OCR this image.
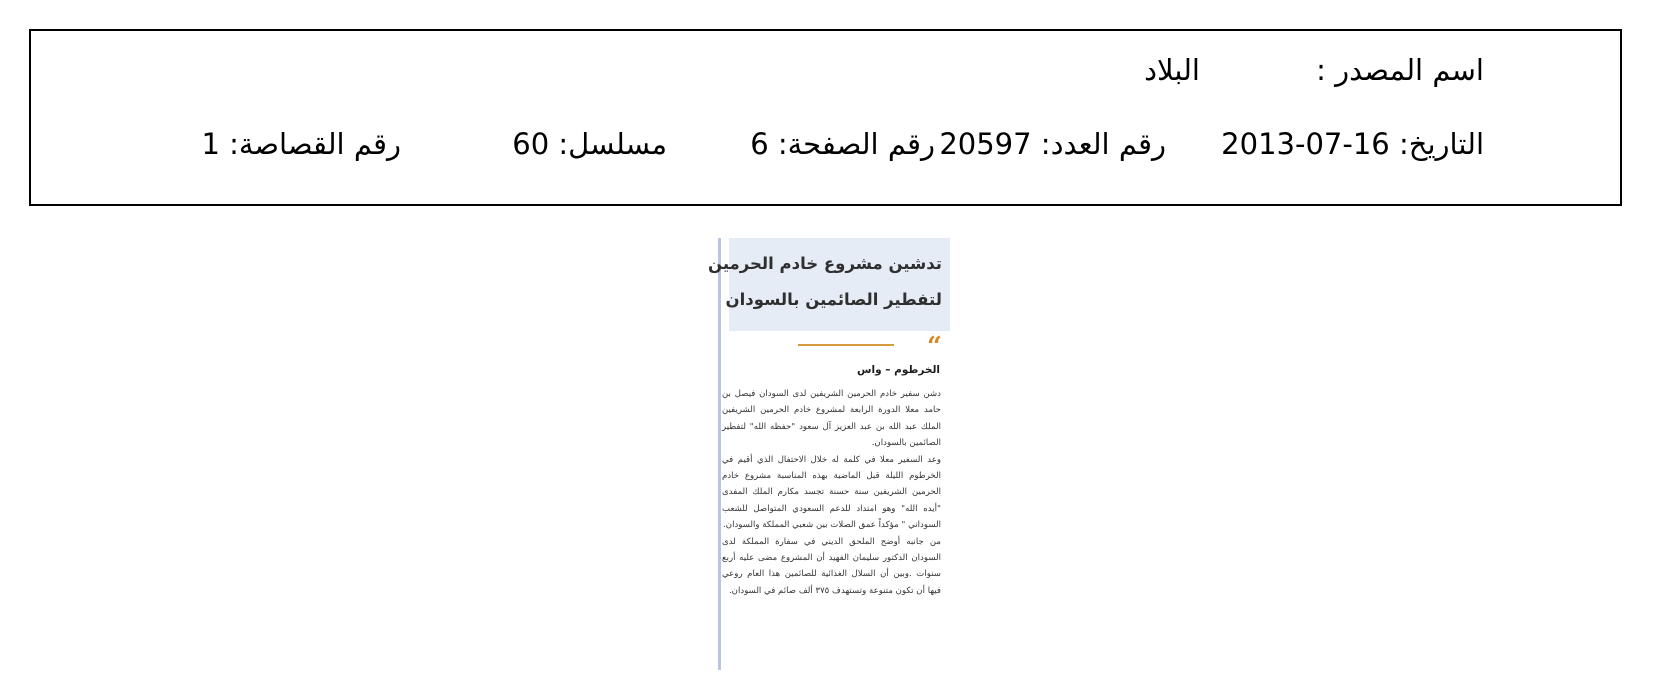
اسم المصدر :
البلاد
التاريخ: 16-07-2013
رقم العدد: 20597
رقم الصفحة: 6
مسلسل: 60
رقم القصاصة: 1
تدشين مشروع خادم الحرمين
لتفطير الصائمين بالسودان
“
الخرطوم – واس

دشن سفير خادم الحرمين الشريفين لدى السودان فيصل بن حامد معلا الدورة الرابعة لمشروع خادم الحرمين الشريفين الملك عبد الله بن عبد العزيز آل سعود "حفظه الله" لتفطير الصائمين بالسودان.

وعد السفير معلا في كلمة له خلال الاحتفال الذي أقيم في الخرطوم الليلة قبل الماضية بهذه المناسبة مشروع خادم الحرمين الشريفين سنة حسنة تجسد مكارم الملك المفدى "أيده الله" وهو امتداد للدعم السعودي المتواصل للشعب السوداني " مؤكداً عمق الصلات بين شعبي المملكة والسودان.

من جانبه أوضح الملحق الديني في سفارة المملكة لدى السودان الدكتور سليمان الفهيد أن المشروع مضى عليه أربع سنوات .وبين أن السلال الغذائية للصائمين هذا العام روعي فيها أن تكون متنوعة وتستهدف ٣٧٥ ألف صائم في السودان.
